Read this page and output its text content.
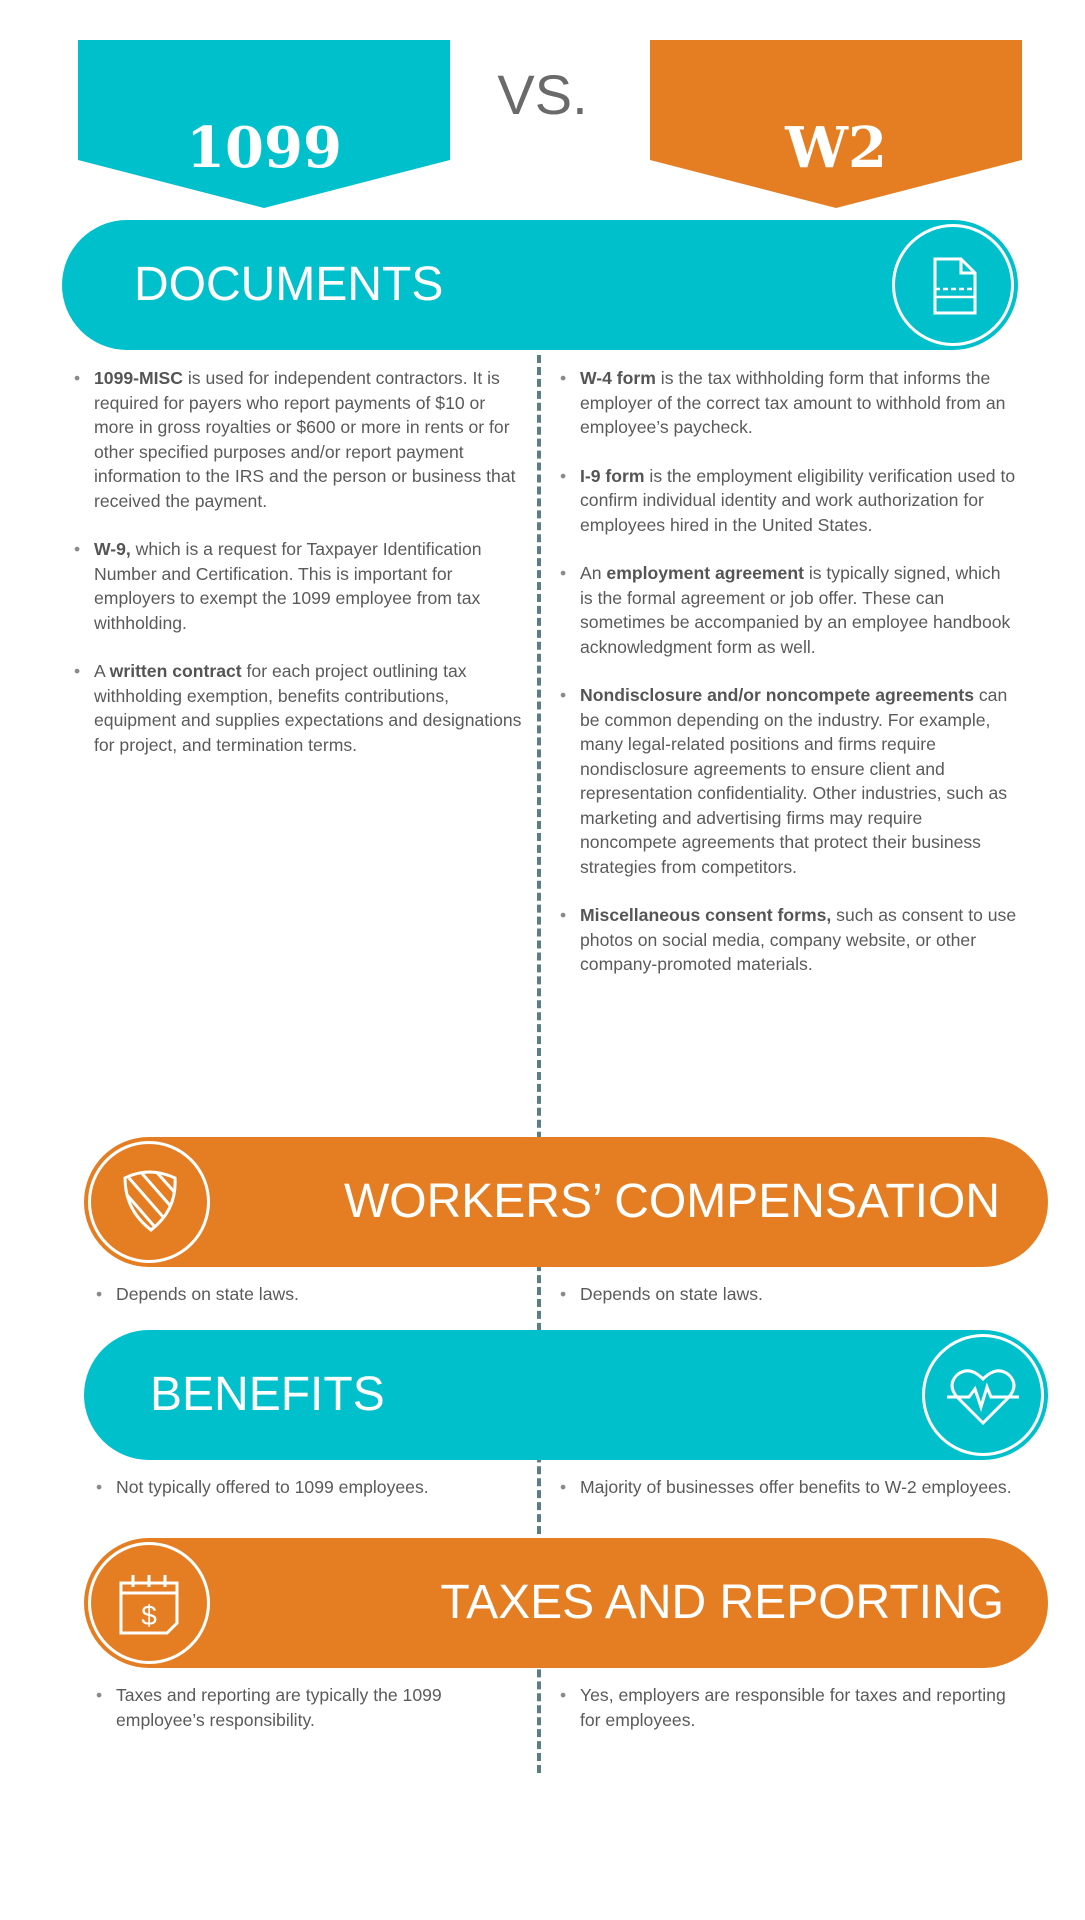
1099
VS.
W2
DOCUMENTS
• 1099-MISC is used for independent contractors. It is required for payers who report payments of $10 or more in gross royalties or $600 or more in rents or for other specified purposes and/or report payment information to the IRS and the person or business that received the payment.
• W-9, which is a request for Taxpayer Identification Number and Certification. This is important for employers to exempt the 1099 employee from tax withholding.
• A written contract for each project outlining tax withholding exemption, benefits contributions, equipment and supplies expectations and designations for project, and termination terms.
• W-4 form is the tax withholding form that informs the employer of the correct tax amount to withhold from an employee’s paycheck.
• I-9 form is the employment eligibility verification used to confirm individual identity and work authorization for employees hired in the United States.
• An employment agreement is typically signed, which is the formal agreement or job offer. These can sometimes be accompanied by an employee handbook acknowledgment form as well.
• Nondisclosure and/or noncompete agreements can be common depending on the industry. For example, many legal-related positions and firms require nondisclosure agreements to ensure client and representation confidentiality. Other industries, such as marketing and advertising firms may require noncompete agreements that protect their business strategies from competitors.
• Miscellaneous consent forms, such as consent to use photos on social media, company website, or other company-promoted materials.
WORKERS’ COMPENSATION
• Depends on state laws.	• Depends on state laws.
BENEFITS
• Not typically offered to 1099 employees.	• Majority of businesses offer benefits to W-2 employees.
$	TAXES AND REPORTING
• Taxes and reporting are typically the 1099 employee’s responsibility.
• Yes, employers are responsible for taxes and reporting for employees.
